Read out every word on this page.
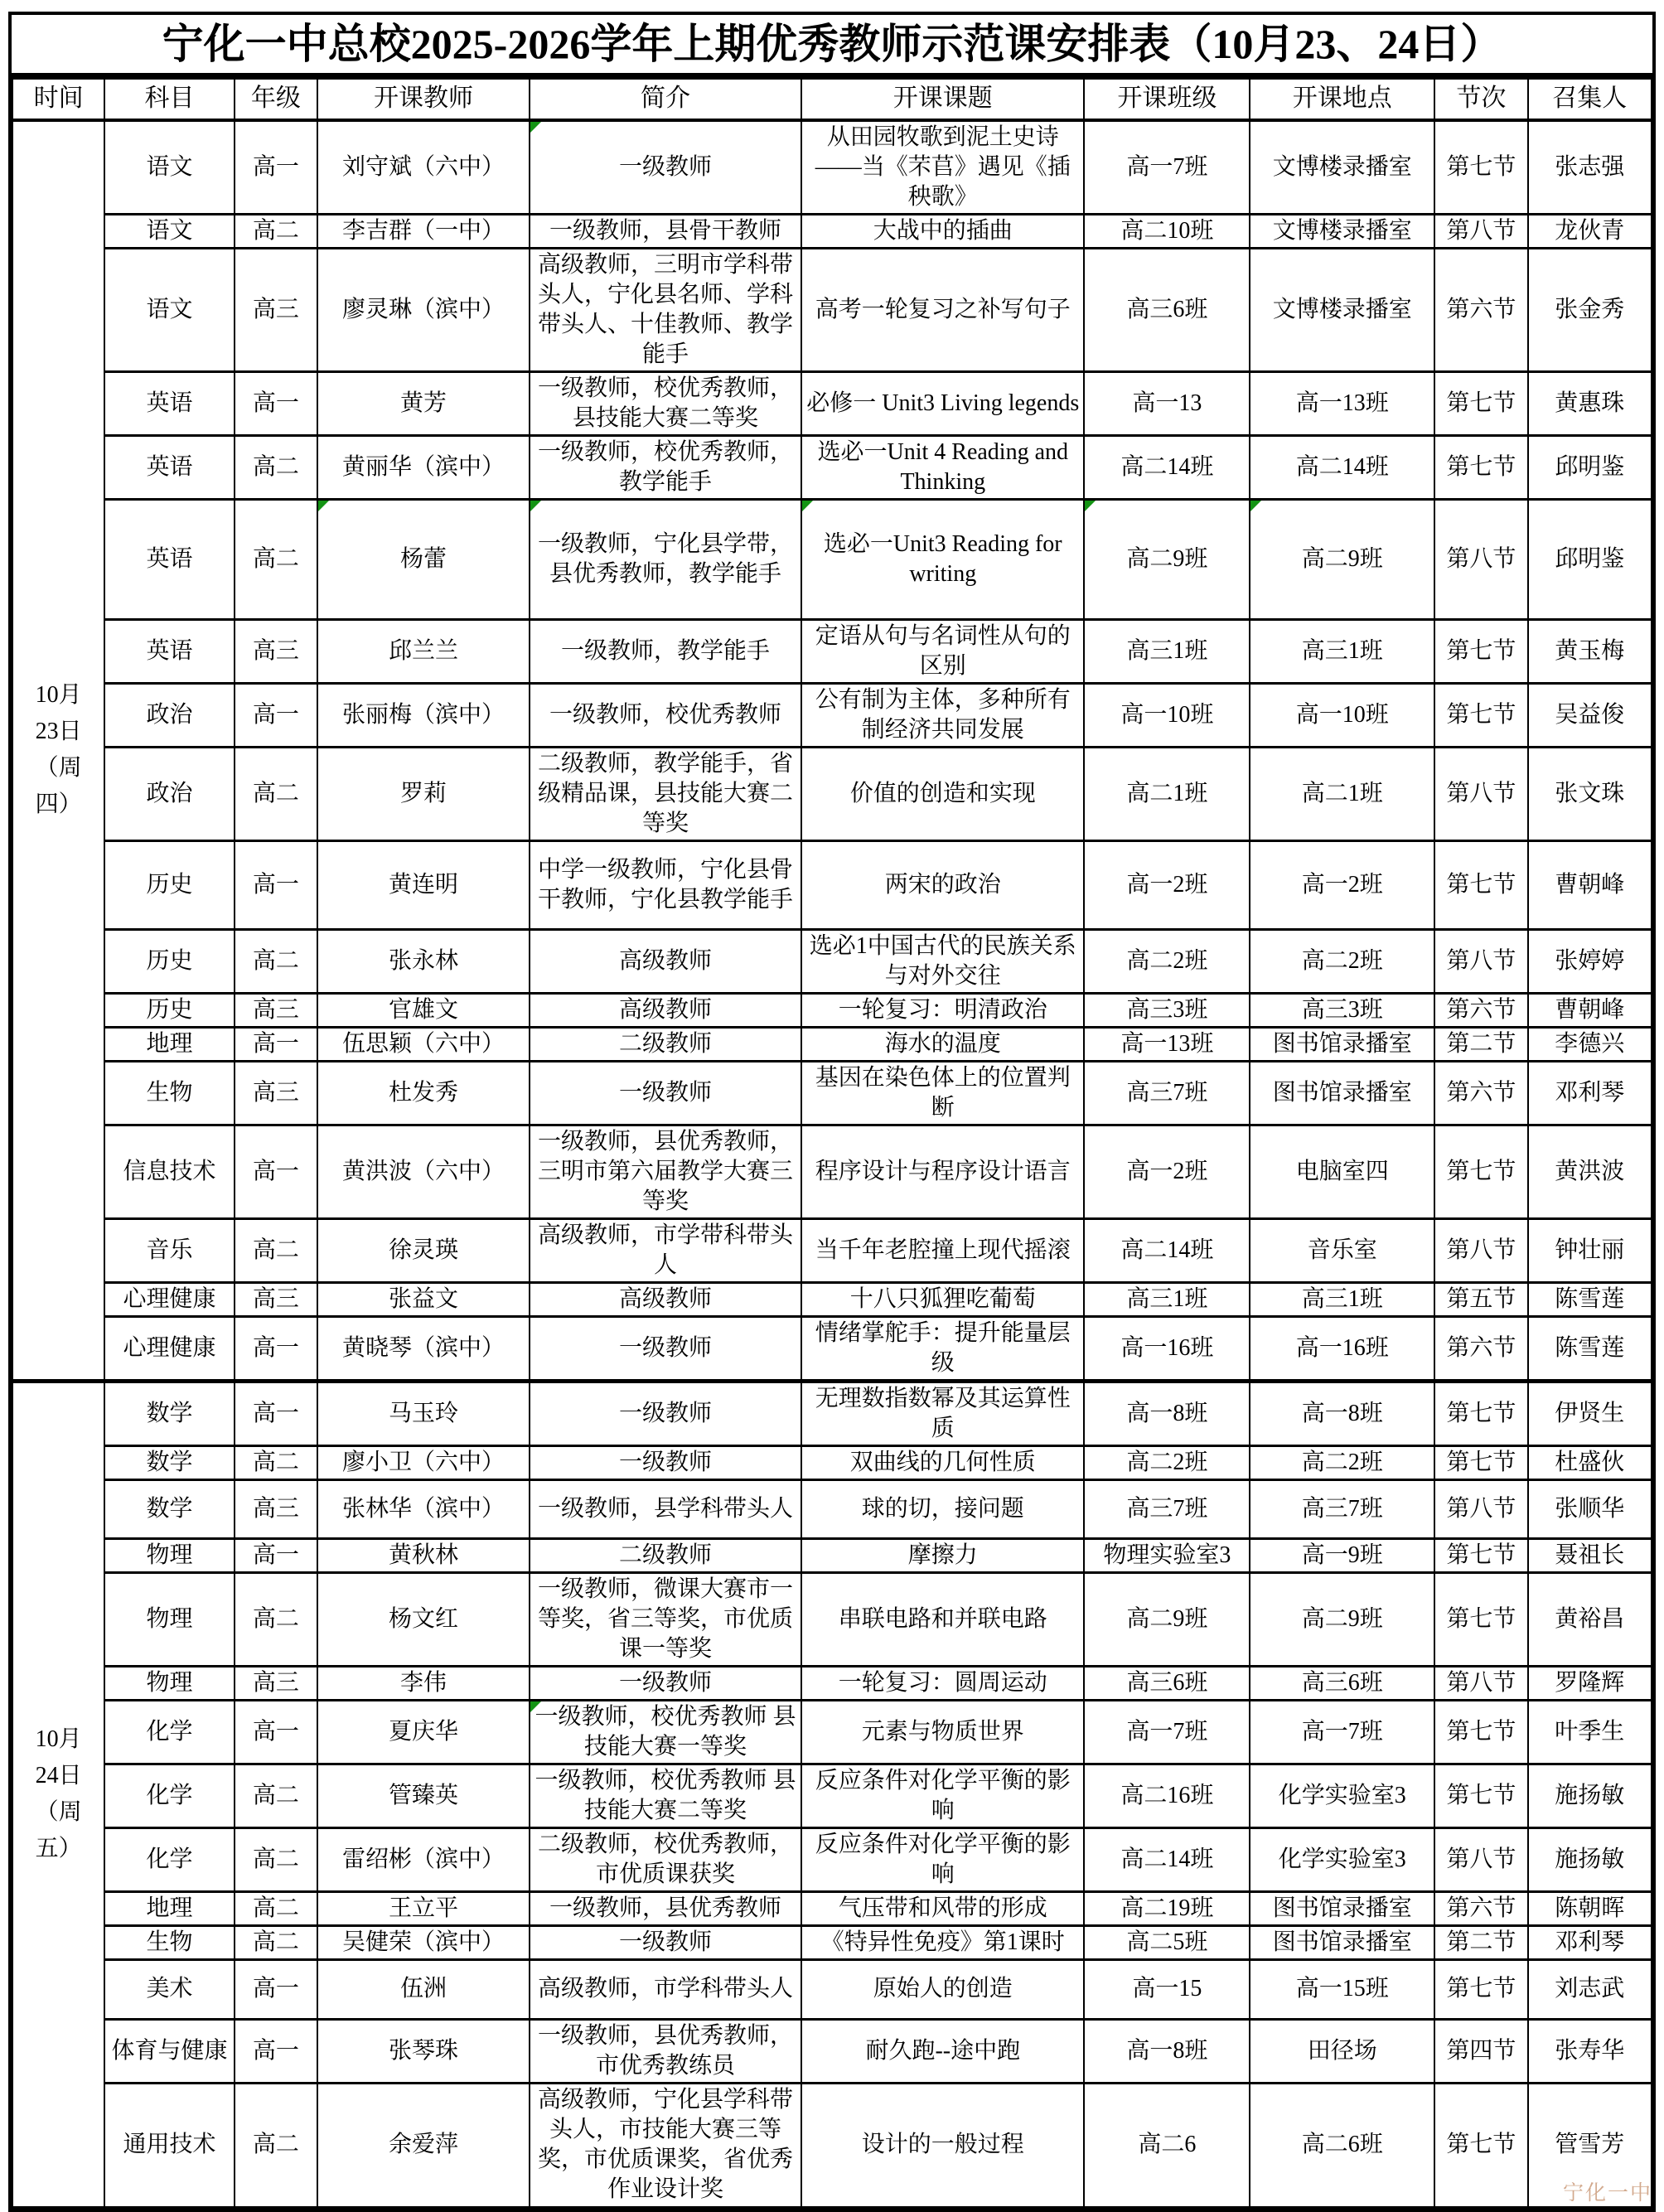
宁化一中总校2025-2026学年上期优秀教师示范课安排表（10月23、24日）
时间	科目	年级	开课教师	简介	开课课题	开课班级	开课地点	节次	召集人
10月23日（周四）	语文	高一	刘守斌（六中）	一级教师	从田园牧歌到泥土史诗——当《芣苢》遇见《插秧歌》	高一7班	文博楼录播室	第七节	张志强
	语文	高二	李吉群（一中）	一级教师，县骨干教师	大战中的插曲	高二10班	文博楼录播室	第八节	龙伙青
	语文	高三	廖灵琳（滨中）	高级教师，三明市学科带头人，宁化县名师、学科带头人、十佳教师、教学能手	高考一轮复习之补写句子	高三6班	文博楼录播室	第六节	张金秀
	英语	高一	黄芳	一级教师，校优秀教师，县技能大赛二等奖	必修一 Unit3 Living legends	高一13	高一13班	第七节	黄惠珠
	英语	高二	黄丽华（滨中）	一级教师，校优秀教师，教学能手	选必一Unit 4 Reading and Thinking	高二14班	高二14班	第七节	邱明鉴
	英语	高二	杨蕾	一级教师，宁化县学带，县优秀教师，教学能手	选必一Unit3 Reading for writing	高二9班	高二9班	第八节	邱明鉴
	英语	高三	邱兰兰	一级教师，教学能手	定语从句与名词性从句的区别	高三1班	高三1班	第七节	黄玉梅
	政治	高一	张丽梅（滨中）	一级教师，校优秀教师	公有制为主体，多种所有制经济共同发展	高一10班	高一10班	第七节	吴益俊
	政治	高二	罗莉	二级教师，教学能手，省级精品课，县技能大赛二等奖	价值的创造和实现	高二1班	高二1班	第八节	张文珠
	历史	高一	黄连明	中学一级教师，宁化县骨干教师，宁化县教学能手	两宋的政治	高一2班	高一2班	第七节	曹朝峰
	历史	高二	张永林	高级教师	选必1中国古代的民族关系与对外交往	高二2班	高二2班	第八节	张婷婷
	历史	高三	官雄文	高级教师	一轮复习：明清政治	高三3班	高三3班	第六节	曹朝峰
	地理	高一	伍思颖（六中）	二级教师	海水的温度	高一13班	图书馆录播室	第二节	李德兴
	生物	高三	杜发秀	一级教师	基因在染色体上的位置判断	高三7班	图书馆录播室	第六节	邓利琴
	信息技术	高一	黄洪波（六中）	一级教师，县优秀教师，三明市第六届教学大赛三等奖	程序设计与程序设计语言	高一2班	电脑室四	第七节	黄洪波
	音乐	高二	徐灵瑛	高级教师，市学带科带头人	当千年老腔撞上现代摇滚	高二14班	音乐室	第八节	钟壮丽
	心理健康	高三	张益文	高级教师	十八只狐狸吃葡萄	高三1班	高三1班	第五节	陈雪莲
	心理健康	高一	黄晓琴（滨中）	一级教师	情绪掌舵手：提升能量层级	高一16班	高一16班	第六节	陈雪莲
10月24日（周五）	数学	高一	马玉玲	一级教师	无理数指数幂及其运算性质	高一8班	高一8班	第七节	伊贤生
	数学	高二	廖小卫（六中）	一级教师	双曲线的几何性质	高二2班	高二2班	第七节	杜盛伙
	数学	高三	张林华（滨中）	一级教师，县学科带头人	球的切，接问题	高三7班	高三7班	第八节	张顺华
	物理	高一	黄秋林	二级教师	摩擦力	物理实验室3	高一9班	第七节	聂祖长
	物理	高二	杨文红	一级教师，微课大赛市一等奖，省三等奖，市优质课一等奖	串联电路和并联电路	高二9班	高二9班	第七节	黄裕昌
	物理	高三	李伟	一级教师	一轮复习：圆周运动	高三6班	高三6班	第八节	罗隆辉
	化学	高一	夏庆华	一级教师，校优秀教师 县技能大赛一等奖	元素与物质世界	高一7班	高一7班	第七节	叶季生
	化学	高二	管臻英	一级教师，校优秀教师 县技能大赛二等奖	反应条件对化学平衡的影响	高二16班	化学实验室3	第七节	施扬敏
	化学	高二	雷绍彬（滨中）	二级教师，校优秀教师，市优质课获奖	反应条件对化学平衡的影响	高二14班	化学实验室3	第八节	施扬敏
	地理	高二	王立平	一级教师，县优秀教师	气压带和风带的形成	高二19班	图书馆录播室	第六节	陈朝晖
	生物	高二	吴健荣（滨中）	一级教师	《特异性免疫》第1课时	高二5班	图书馆录播室	第二节	邓利琴
	美术	高一	伍洲	高级教师，市学科带头人	原始人的创造	高一15	高一15班	第七节	刘志武
	体育与健康	高一	张琴珠	一级教师，县优秀教师，市优秀教练员	耐久跑--途中跑	高一8班	田径场	第四节	张寿华
	通用技术	高二	余爱萍	高级教师，宁化县学科带头人，市技能大赛三等奖，市优质课奖，省优秀作业设计奖	设计的一般过程	高二6	高二6班	第七节	管雪芳
宁化一中
